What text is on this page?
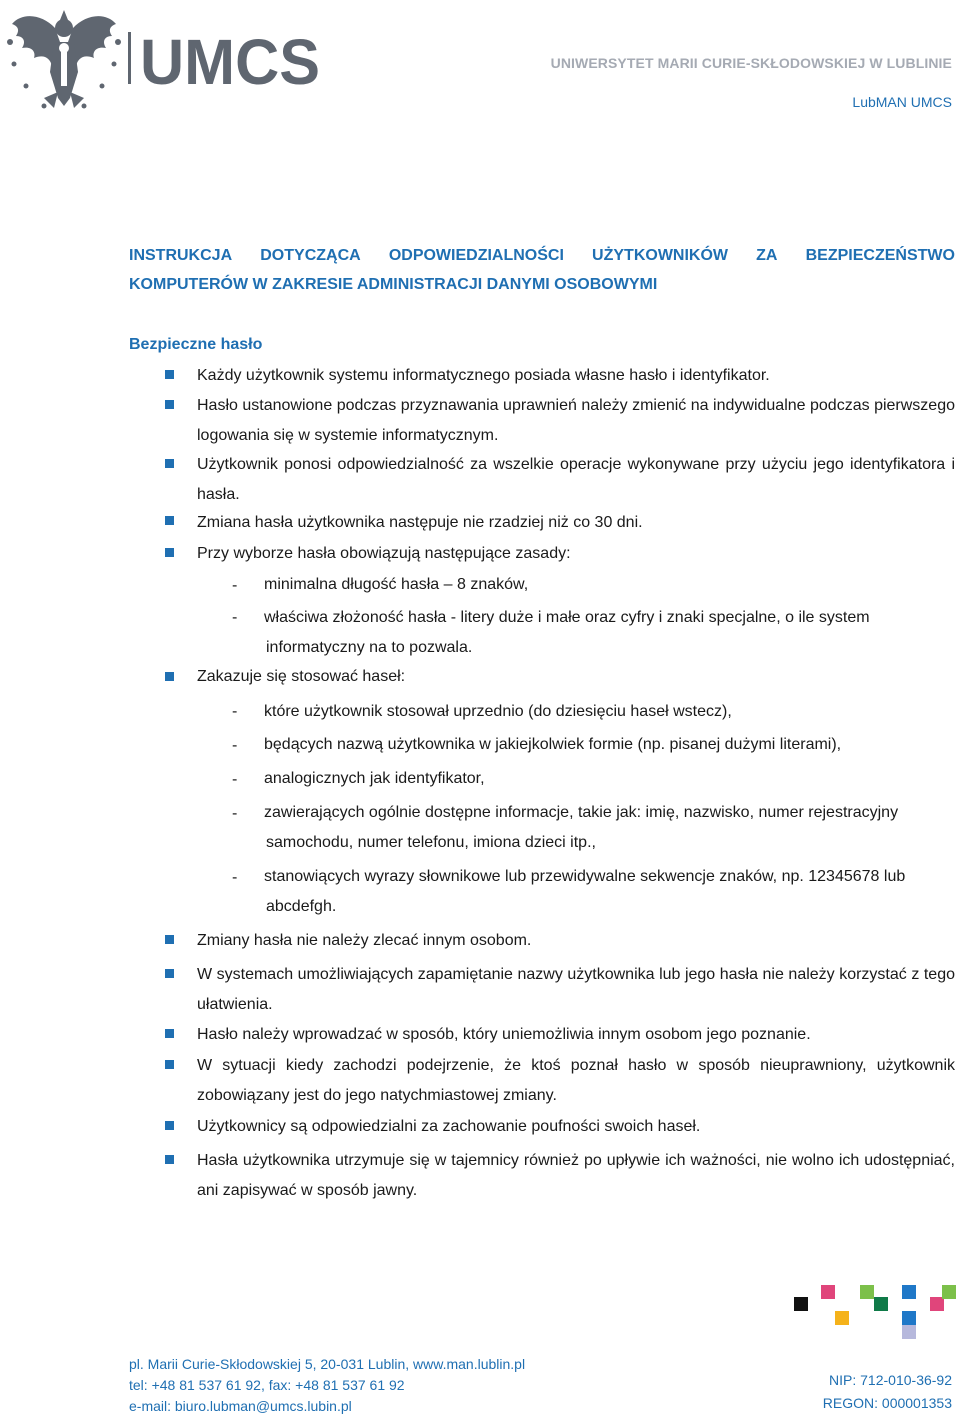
UMCS	UNIWERSYTET MARII CURIE-SKŁODOWSKIEJ W LUBLINIE
LubMAN UMCS
INSTRUKCJA DOTYCZĄCA ODPOWIEDZIALNOŚCI UŻYTKOWNIKÓW ZA BEZPIECZEŃSTWO
KOMPUTERÓW W ZAKRESIE ADMINISTRACJI DANYMI OSOBOWYMI
Bezpieczne hasło
Każdy użytkownik systemu informatycznego posiada własne hasło i identyfikator.
Hasło ustanowione podczas przyznawania uprawnień należy zmienić na indywidualne podczas pierwszego logowania się w systemie informatycznym.
Użytkownik ponosi odpowiedzialność za wszelkie operacje wykonywane przy użyciu jego identyfikatora i hasła.
Zmiana hasła użytkownika następuje nie rzadziej niż co 30 dni.
Przy wyborze hasła obowiązują następujące zasady:
- minimalna długość hasła – 8 znaków,
- właściwa złożoność hasła - litery duże i małe oraz cyfry i znaki specjalne, o ile system
informatyczny na to pozwala.
Zakazuje się stosować haseł:
- które użytkownik stosował uprzednio (do dziesięciu haseł wstecz),
- będących nazwą użytkownika w jakiejkolwiek formie (np. pisanej dużymi literami),
- analogicznych jak identyfikator,
- zawierających ogólnie dostępne informacje, takie jak: imię, nazwisko, numer rejestracyjny
samochodu, numer telefonu, imiona dzieci itp.,
- stanowiących wyrazy słownikowe lub przewidywalne sekwencje znaków, np. 12345678 lub
abcdefgh.
Zmiany hasła nie należy zlecać innym osobom.
W systemach umożliwiających zapamiętanie nazwy użytkownika lub jego hasła nie należy korzystać z tego ułatwienia.
Hasło należy wprowadzać w sposób, który uniemożliwia innym osobom jego poznanie.
W sytuacji kiedy zachodzi podejrzenie, że ktoś poznał hasło w sposób nieuprawniony, użytkownik zobowiązany jest do jego natychmiastowej zmiany.
Użytkownicy są odpowiedzialni za zachowanie poufności swoich haseł.
Hasła użytkownika utrzymuje się w tajemnicy również po upływie ich ważności, nie wolno ich udostępniać, ani zapisywać w sposób jawny.
pl. Marii Curie-Skłodowskiej 5, 20-031 Lublin, www.man.lublin.pl
tel: +48 81 537 61 92, fax: +48 81 537 61 92
e-mail: biuro.lubman@umcs.lubin.pl
NIP: 712-010-36-92
REGON: 000001353
